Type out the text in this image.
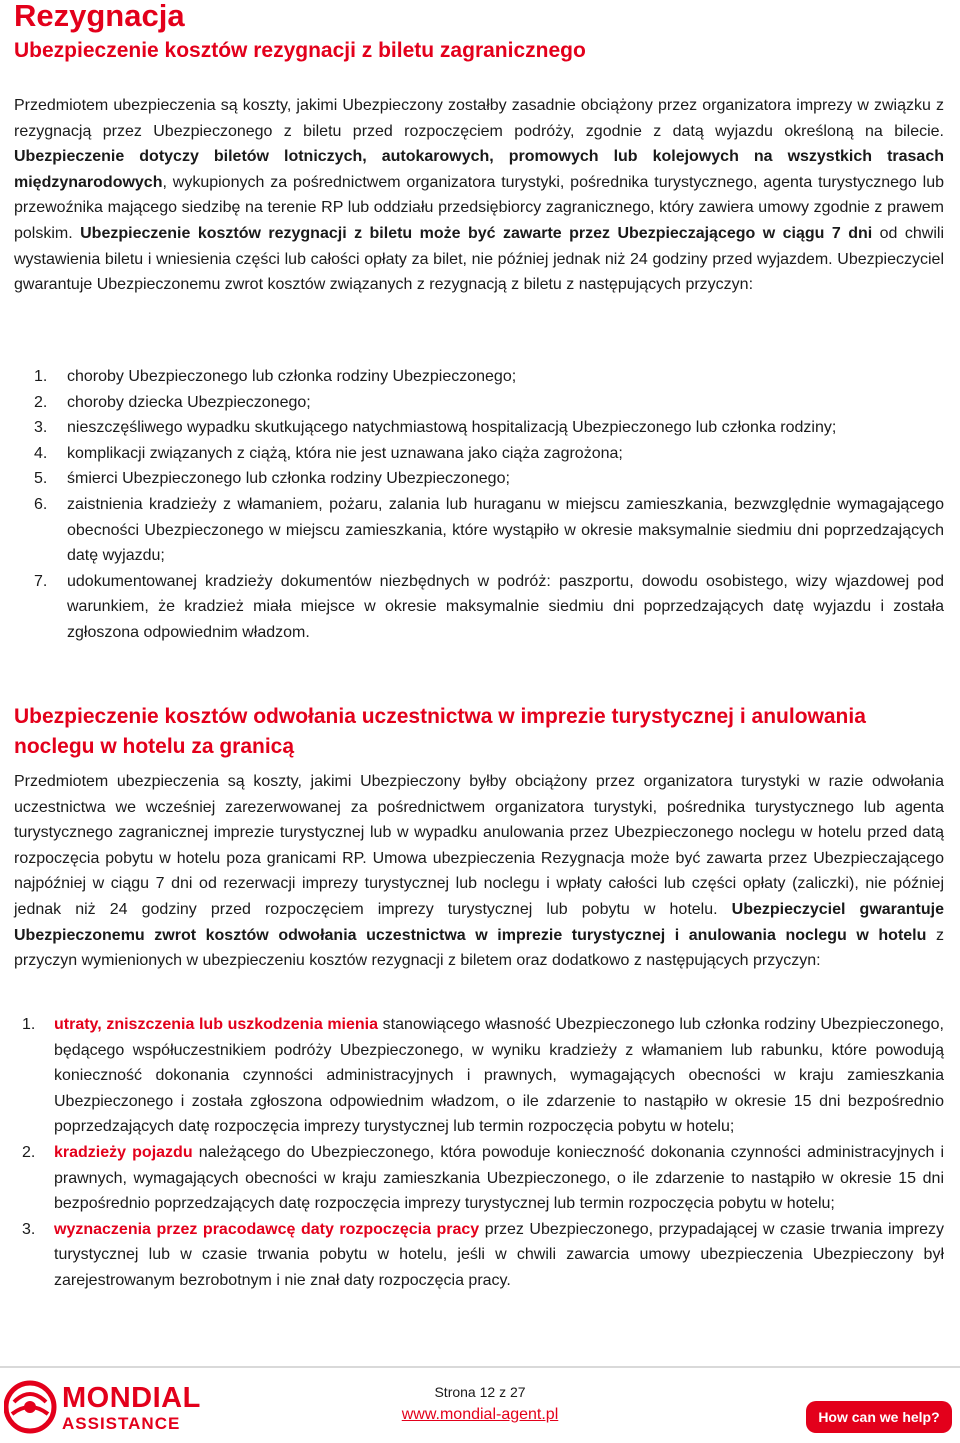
Rezygnacja
Ubezpieczenie kosztów rezygnacji z biletu zagranicznego

Przedmiotem ubezpieczenia są koszty, jakimi Ubezpieczony zostałby zasadnie obciążony przez organizatora imprezy w związku z rezygnacją przez Ubezpieczonego z biletu przed rozpoczęciem podróży, zgodnie z datą wyjazdu określoną na bilecie. Ubezpieczenie dotyczy biletów lotniczych, autokarowych, promowych lub kolejowych na wszystkich trasach międzynarodowych, wykupionych za pośrednictwem organizatora turystyki, pośrednika turystycznego, agenta turystycznego lub przewoźnika mającego siedzibę na terenie RP lub oddziału przedsiębiorcy zagranicznego, który zawiera umowy zgodnie z prawem polskim. Ubezpieczenie kosztów rezygnacji z biletu może być zawarte przez Ubezpieczającego w ciągu 7 dni od chwili wystawienia biletu i wniesienia części lub całości opłaty za bilet, nie później jednak niż 24 godziny przed wyjazdem. Ubezpieczyciel gwarantuje Ubezpieczonemu zwrot kosztów związanych z rezygnacją z biletu z następujących przyczyn:

1. choroby Ubezpieczonego lub członka rodziny Ubezpieczonego;
2. choroby dziecka Ubezpieczonego;
3. nieszczęśliwego wypadku skutkującego natychmiastową hospitalizacją Ubezpieczonego lub członka rodziny;
4. komplikacji związanych z ciążą, która nie jest uznawana jako ciąża zagrożona;
5. śmierci Ubezpieczonego lub członka rodziny Ubezpieczonego;
6. zaistnienia kradzieży z włamaniem, pożaru, zalania lub huraganu w miejscu zamieszkania, bezwzględnie wymagającego obecności Ubezpieczonego w miejscu zamieszkania, które wystąpiło w okresie maksymalnie siedmiu dni poprzedzających datę wyjazdu;
7. udokumentowanej kradzieży dokumentów niezbędnych w podróż: paszportu, dowodu osobistego, wizy wjazdowej pod warunkiem, że kradzież miała miejsce w okresie maksymalnie siedmiu dni poprzedzających datę wyjazdu i została zgłoszona odpowiednim władzom.
Ubezpieczenie kosztów odwołania uczestnictwa w imprezie turystycznej i anulowania noclegu w hotelu za granicą

Przedmiotem ubezpieczenia są koszty, jakimi Ubezpieczony byłby obciążony przez organizatora turystyki w razie odwołania uczestnictwa we wcześniej zarezerwowanej za pośrednictwem organizatora turystyki, pośrednika turystycznego lub agenta turystycznego zagranicznej imprezie turystycznej lub w wypadku anulowania przez Ubezpieczonego noclegu w hotelu przed datą rozpoczęcia pobytu w hotelu poza granicami RP. Umowa ubezpieczenia Rezygnacja może być zawarta przez Ubezpieczającego najpóźniej w ciągu 7 dni od rezerwacji imprezy turystycznej lub noclegu i wpłaty całości lub części opłaty (zaliczki), nie później jednak niż 24 godziny przed rozpoczęciem imprezy turystycznej lub pobytu w hotelu. Ubezpieczyciel gwarantuje Ubezpieczonemu zwrot kosztów odwołania uczestnictwa w imprezie turystycznej i anulowania noclegu w hotelu z przyczyn wymienionych w ubezpieczeniu kosztów rezygnacji z biletem oraz dodatkowo z następujących przyczyn:

1. utraty, zniszczenia lub uszkodzenia mienia stanowiącego własność Ubezpieczonego lub członka rodziny Ubezpieczonego, będącego współuczestnikiem podróży Ubezpieczonego, w wyniku kradzieży z włamaniem lub rabunku, które powodują konieczność dokonania czynności administracyjnych i prawnych, wymagających obecności w kraju zamieszkania Ubezpieczonego i została zgłoszona odpowiednim władzom, o ile zdarzenie to nastąpiło w okresie 15 dni bezpośrednio poprzedzających datę rozpoczęcia imprezy turystycznej lub termin rozpoczęcia pobytu w hotelu;
2. kradzieży pojazdu należącego do Ubezpieczonego, która powoduje konieczność dokonania czynności administracyjnych i prawnych, wymagających obecności w kraju zamieszkania Ubezpieczonego, o ile zdarzenie to nastąpiło w okresie 15 dni bezpośrednio poprzedzających datę rozpoczęcia imprezy turystycznej lub termin rozpoczęcia pobytu w hotelu;
3. wyznaczenia przez pracodawcę daty rozpoczęcia pracy przez Ubezpieczonego, przypadającej w czasie trwania imprezy turystycznej lub w czasie trwania pobytu w hotelu, jeśli w chwili zawarcia umowy ubezpieczenia Ubezpieczony był zarejestrowanym bezrobotnym i nie znał daty rozpoczęcia pracy.
MONDIAL
ASSISTANCE
Strona 12 z 27
www.mondial-agent.pl	How can we help?
